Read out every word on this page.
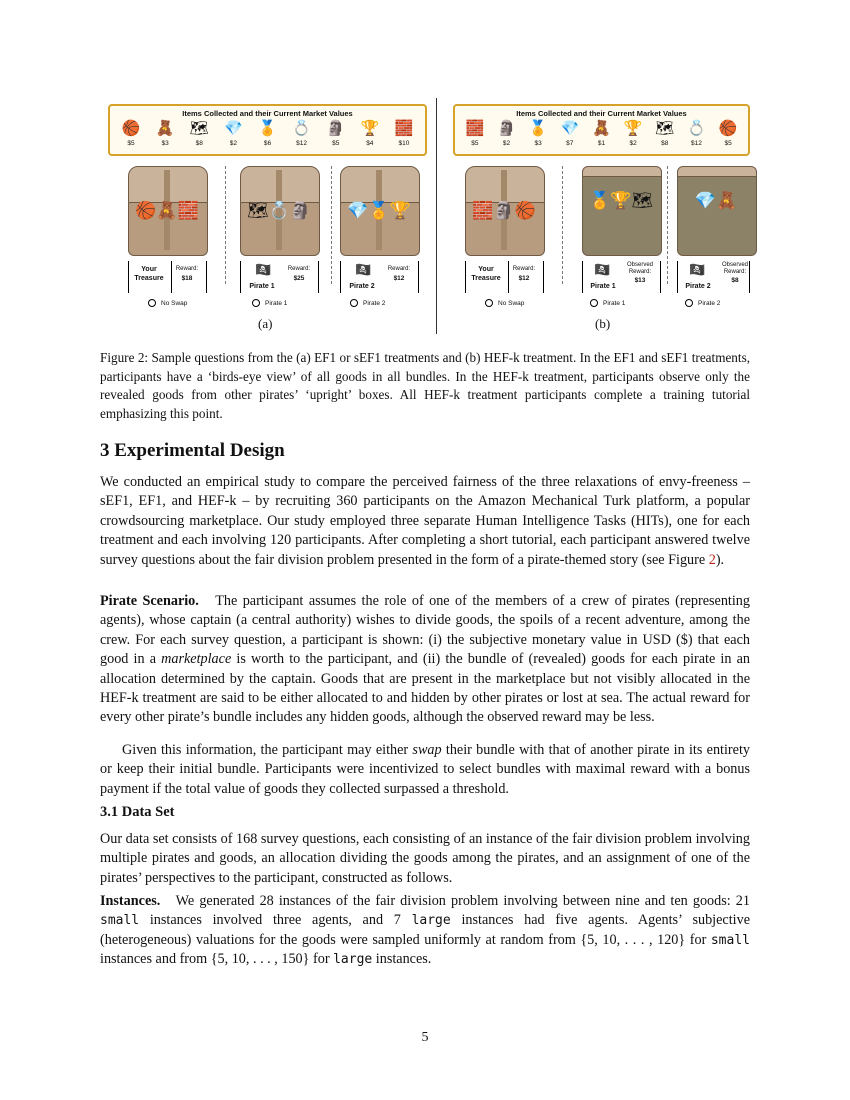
Items Collected and their Current Market Values
🏀
$5
🧸
$3
🗺
$8
💎
$2
🏅
$6
💍
$12
🗿
$5
🏆
$4
🧱
$10
🏀🧸🧱	🗺💍🗿 💎🏅🏆
Your
Treasure
Reward:
$18
🏴‍☠️
Pirate 1
Reward:
$25
🏴‍☠️
Pirate 2
Reward:
$12
No Swap	Pirate 1	Pirate 2
(a)
Items Collected and their Current Market Values
🧱
$5
🗿
$2
🏅
$3
💎
$7
🧸
$1
🏆
$2
🗺
$8
💍
$12
🏀
$5
🧱🗿🏀
🏅🏆🗺	💎🧸
Your
Treasure
Reward:
$12
🏴‍☠️
Pirate 1
Observed Reward:
$13
🏴‍☠️
Pirate 2
Observed Reward:
$8
No Swap	Pirate 1	Pirate 2
(b)
Figure 2: Sample questions from the (a) EF1 or sEF1 treatments and (b) HEF-k treatment. In the EF1 and sEF1 treatments, participants have a ‘birds-eye view’ of all goods in all bundles. In the HEF-k treatment, participants observe only the revealed goods from other pirates’ ‘upright’ boxes. All HEF-k treatment participants complete a training tutorial emphasizing this point.
3 Experimental Design
We conducted an empirical study to compare the perceived fairness of the three relaxations of envy-freeness – sEF1, EF1, and HEF-k – by recruiting 360 participants on the Amazon Mechanical Turk platform, a popular crowdsourcing marketplace. Our study employed three separate Human Intelligence Tasks (HITs), one for each treatment and each involving 120 participants. After completing a short tutorial, each participant answered twelve survey questions about the fair division problem presented in the form of a pirate-themed story (see Figure 2).
Pirate Scenario. The participant assumes the role of one of the members of a crew of pirates (representing agents), whose captain (a central authority) wishes to divide goods, the spoils of a recent adventure, among the crew. For each survey question, a participant is shown: (i) the subjective monetary value in USD ($) that each good in a marketplace is worth to the participant, and (ii) the bundle of (revealed) goods for each pirate in an allocation determined by the captain. Goods that are present in the marketplace but not visibly allocated in the HEF-k treatment are said to be either allocated to and hidden by other pirates or lost at sea. The actual reward for every other pirate’s bundle includes any hidden goods, although the observed reward may be less.
Given this information, the participant may either swap their bundle with that of another pirate in its entirety or keep their initial bundle. Participants were incentivized to select bundles with maximal reward with a bonus payment if the total value of goods they collected surpassed a threshold.
3.1 Data Set
Our data set consists of 168 survey questions, each consisting of an instance of the fair division problem involving multiple pirates and goods, an allocation dividing the goods among the pirates, and an assignment of one of the pirates’ perspectives to the participant, constructed as follows.
Instances. We generated 28 instances of the fair division problem involving between nine and ten goods: 21 small instances involved three agents, and 7 large instances had five agents. Agents’ subjective (heterogeneous) valuations for the goods were sampled uniformly at random from {5, 10, . . . , 120} for small instances and from {5, 10, . . . , 150} for large instances.
5
